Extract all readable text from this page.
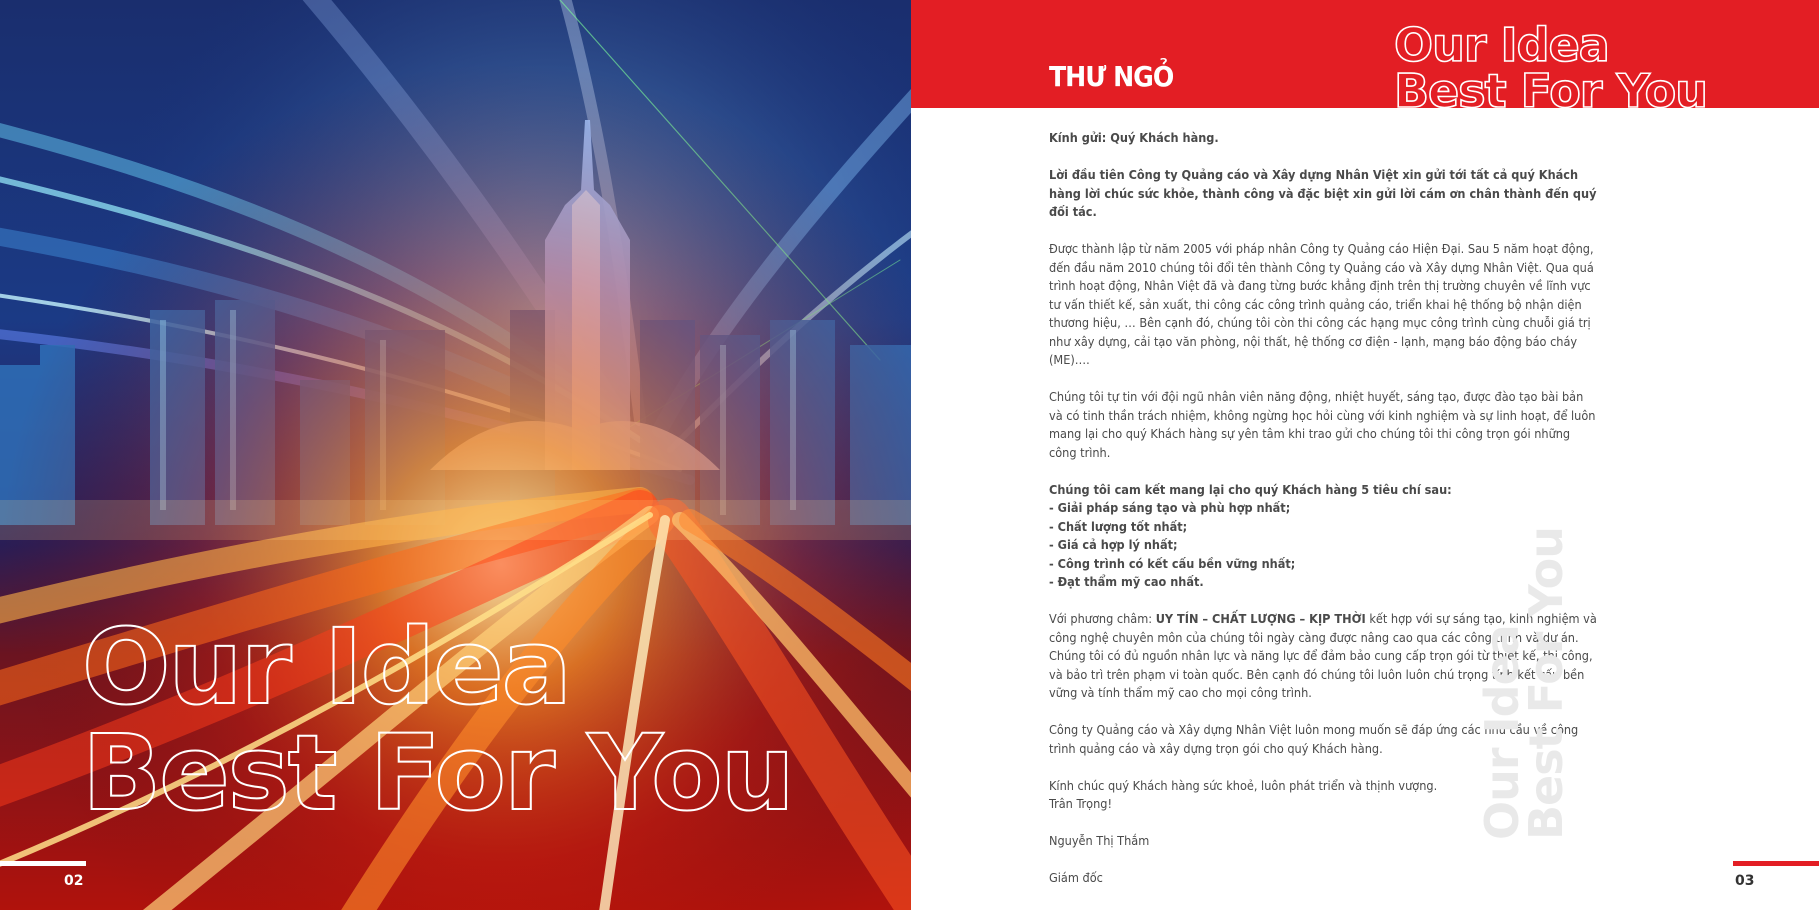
Our Idea

Best For You

02

THƯ NGỎ

Our Idea

Best For You

Kính gửi: Quý Khách hàng.

Lời đầu tiên Công ty Quảng cáo và Xây dựng Nhân Việt xin gửi tới tất cả quý Khách hàng lời chúc sức khỏe, thành công và đặc biệt xin gửi lời cám ơn chân thành đến quý đối tác.

Được thành lập từ năm 2005 với pháp nhân Công ty Quảng cáo Hiện Đại. Sau 5 năm hoạt động, đến đầu năm 2010 chúng tôi đổi tên thành Công ty Quảng cáo và Xây dựng Nhân Việt. Qua quá trình hoạt động, Nhân Việt đã và đang từng bước khẳng định trên thị trường chuyên về lĩnh vực tư vấn thiết kế, sản xuất, thi công các công trình quảng cáo, triển khai hệ thống bộ nhận diện thương hiệu, … Bên cạnh đó, chúng tôi còn thi công các hạng mục công trình cùng chuỗi giá trị như xây dựng, cải tạo văn phòng, nội thất, hệ thống cơ điện - lạnh, mạng báo động báo cháy (ME)….

Chúng tôi tự tin với đội ngũ nhân viên năng động, nhiệt huyết, sáng tạo, được đào tạo bài bản và có tinh thần trách nhiệm, không ngừng học hỏi cùng với kinh nghiệm và sự linh hoạt, để luôn mang lại cho quý Khách hàng sự yên tâm khi trao gửi cho chúng tôi thi công trọn gói những công trình.

Chúng tôi cam kết mang lại cho quý Khách hàng 5 tiêu chí sau:

- Giải pháp sáng tạo và phù hợp nhất;
- Chất lượng tốt nhất;
- Giá cả hợp lý nhất;
- Công trình có kết cấu bền vững nhất;
- Đạt thẩm mỹ cao nhất.

Với phương châm: UY TÍN – CHẤT LƯỢNG – KỊP THỜI kết hợp với sự sáng tạo, kinh nghiệm và công nghệ chuyên môn của chúng tôi ngày càng được nâng cao qua các công trình và dự án. Chúng tôi có đủ nguồn nhân lực và năng lực để đảm bảo cung cấp trọn gói từ thiết kế, thi công, và bảo trì trên phạm vi toàn quốc. Bên cạnh đó chúng tôi luôn luôn chú trọng tính kết cấu bền vững và tính thẩm mỹ cao cho mọi công trình.

Công ty Quảng cáo và Xây dựng Nhân Việt luôn mong muốn sẽ đáp ứng các nhu cầu về công trình quảng cáo và xây dựng trọn gói cho quý Khách hàng.

Kính chúc quý Khách hàng sức khoẻ, luôn phát triển và thịnh vượng.

Trân Trọng!

Nguyễn Thị Thắm

Giám đốc

Our Idea
Best For You

03
